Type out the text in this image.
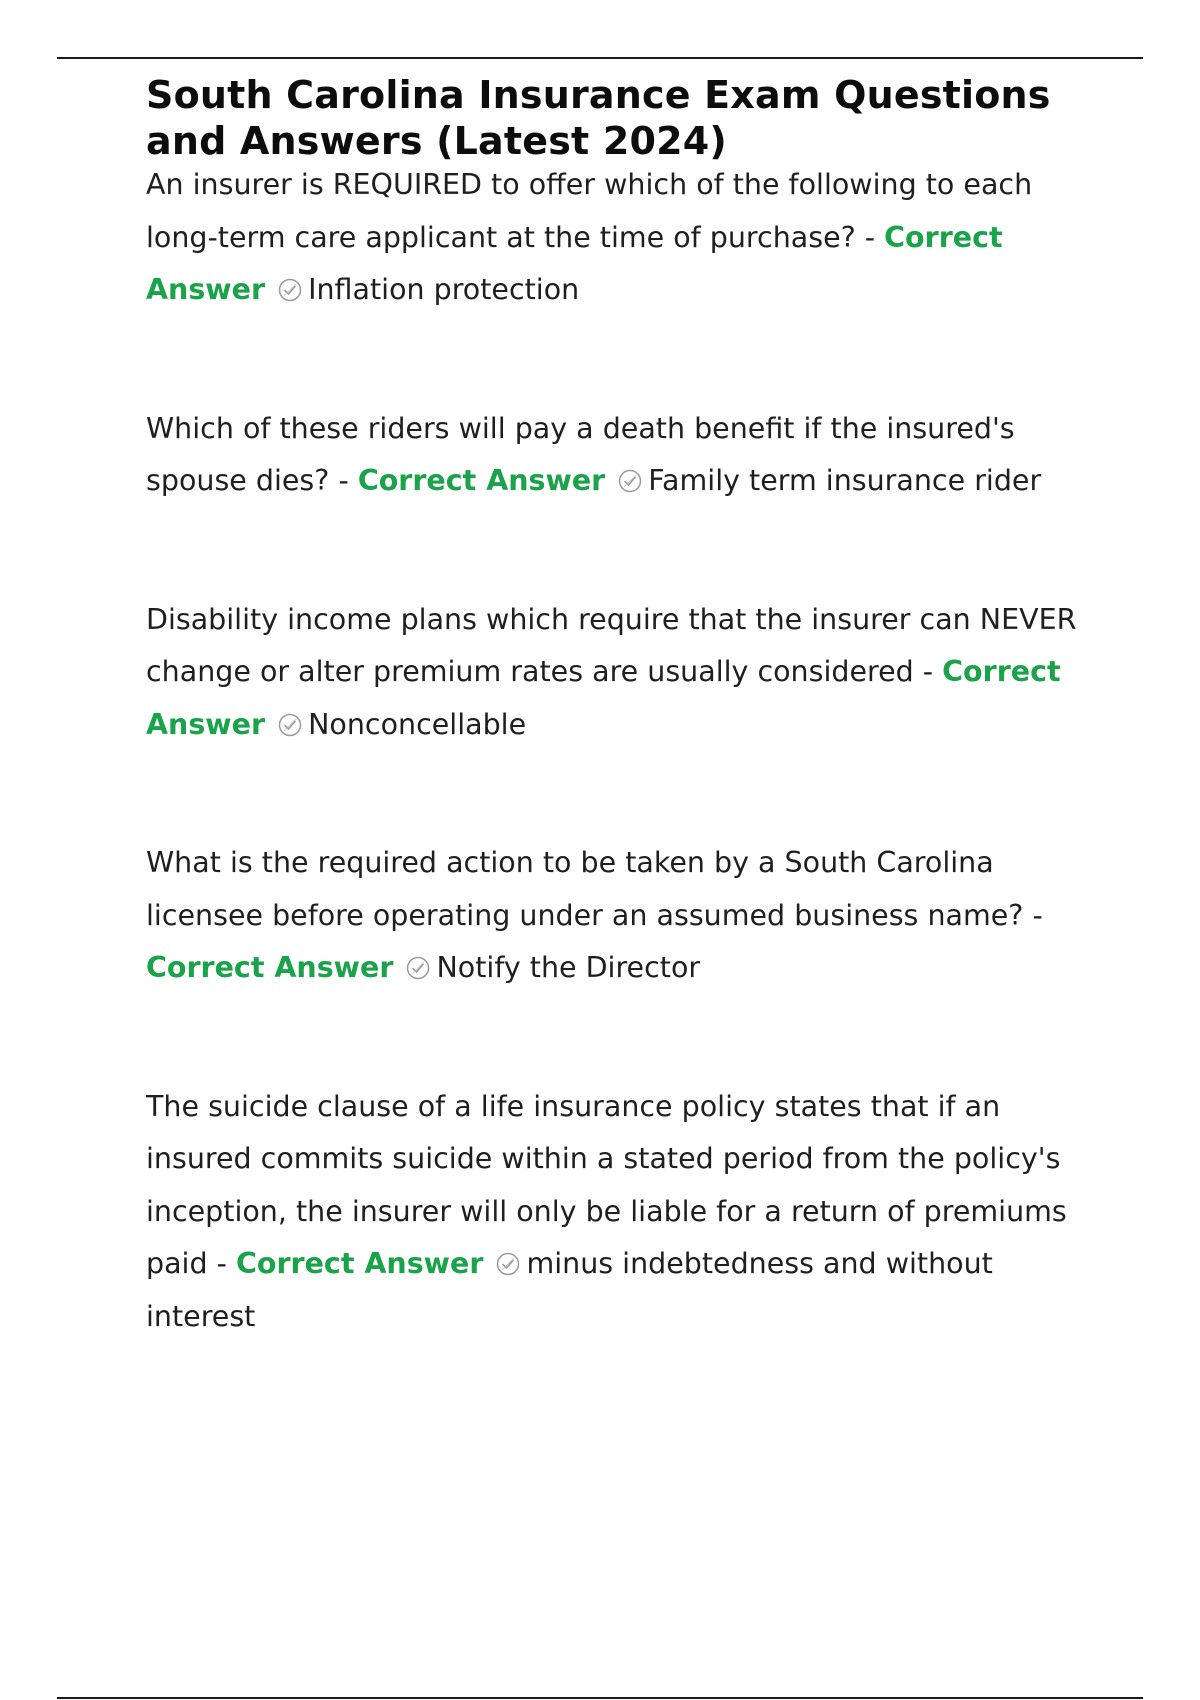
South Carolina Insurance Exam Questions and Answers (Latest 2024)
An insurer is REQUIRED to offer which of the following to each long-term care applicant at the time of purchase? - Correct Answer Inflation protection
Which of these riders will pay a death benefit if the insured's spouse dies? - Correct Answer Family term insurance rider
Disability income plans which require that the insurer can NEVER change or alter premium rates are usually considered - Correct Answer Nonconcellable
What is the required action to be taken by a South Carolina licensee before operating under an assumed business name? - Correct Answer Notify the Director
The suicide clause of a life insurance policy states that if an insured commits suicide within a stated period from the policy's inception, the insurer will only be liable for a return of premiums paid - Correct Answer minus indebtedness and without interest
